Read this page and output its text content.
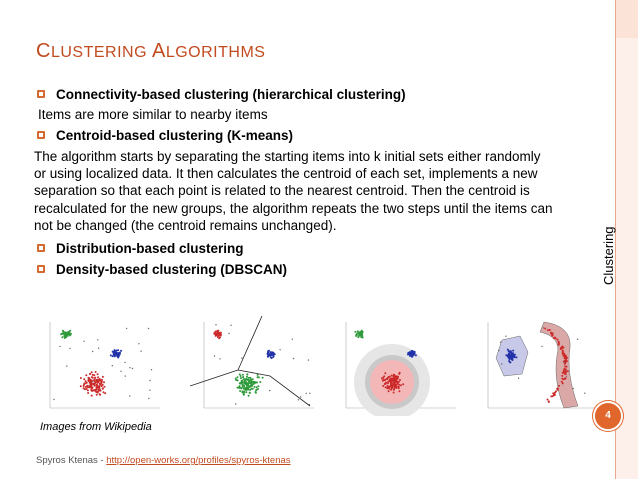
Clustering
CLUSTERING ALGORITHMS
Connectivity-based clustering (hierarchical clustering)
Items are more similar to nearby items
Centroid-based clustering (K-means)
The algorithm starts by separating the starting items into k initial sets either randomly or using localized data. It then calculates the centroid of each set, implements a new separation so that each point is related to the nearest centroid. Then the centroid is recalculated for the new groups, the algorithm repeats the two steps until the items can not be changed (the centroid remains unchanged).
Distribution-based clustering
Density-based clustering (DBSCAN)
Images from Wikipedia
Spyros Ktenas - http://open-works.org/profiles/spyros-ktenas
4
